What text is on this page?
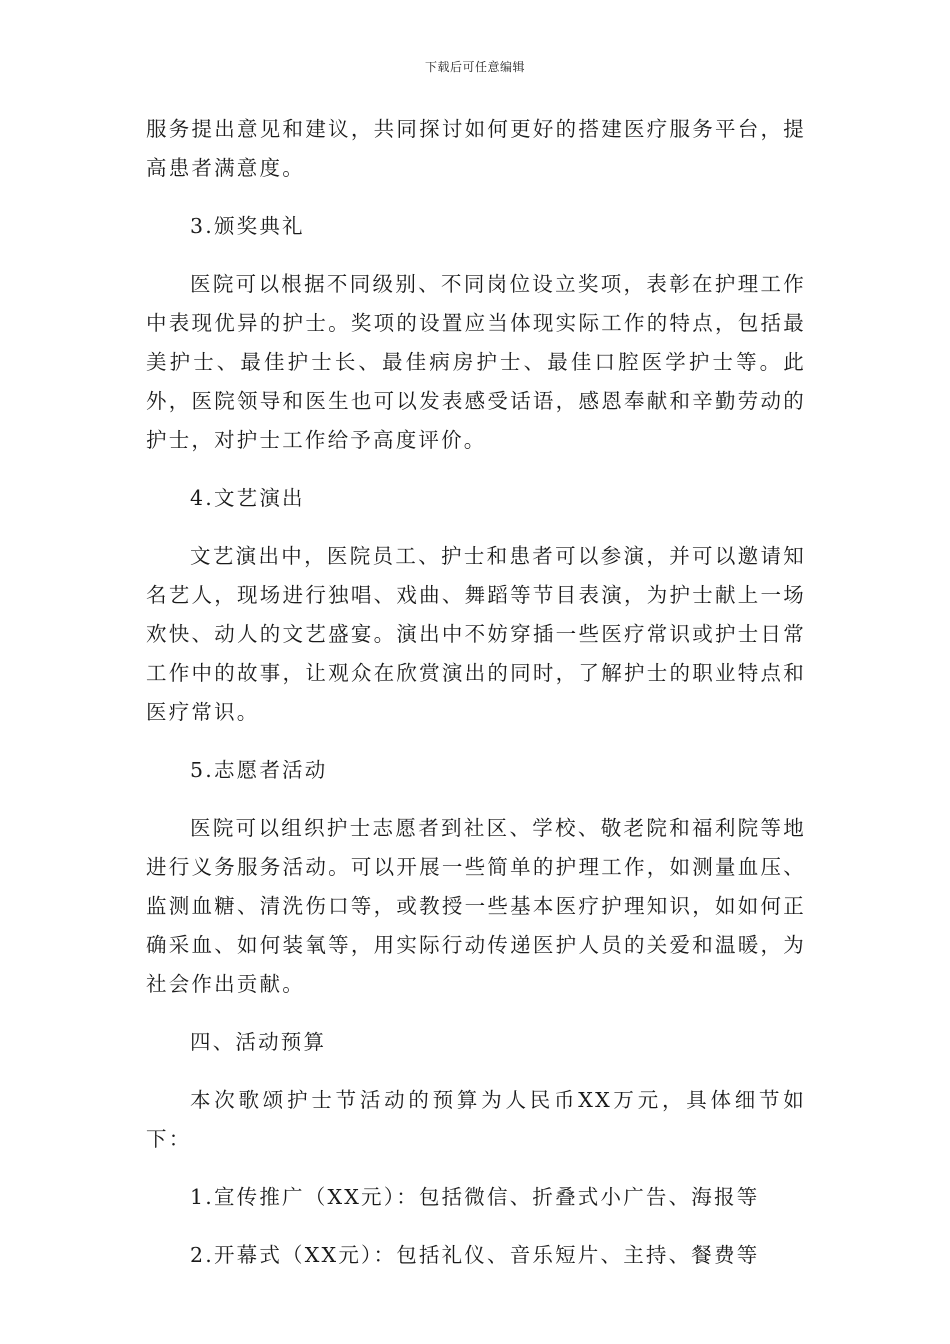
下载后可任意编辑

服务提出意见和建议，共同探讨如何更好的搭建医疗服务平台，提高患者满意度。

3.颁奖典礼

医院可以根据不同级别、不同岗位设立奖项，表彰在护理工作中表现优异的护士。奖项的设置应当体现实际工作的特点，包括最美护士、最佳护士长、最佳病房护士、最佳口腔医学护士等。此外，医院领导和医生也可以发表感受话语，感恩奉献和辛勤劳动的护士，对护士工作给予高度评价。

4.文艺演出

文艺演出中，医院员工、护士和患者可以参演，并可以邀请知名艺人，现场进行独唱、戏曲、舞蹈等节目表演，为护士献上一场欢快、动人的文艺盛宴。演出中不妨穿插一些医疗常识或护士日常工作中的故事，让观众在欣赏演出的同时，了解护士的职业特点和医疗常识。

5.志愿者活动

医院可以组织护士志愿者到社区、学校、敬老院和福利院等地进行义务服务活动。可以开展一些简单的护理工作，如测量血压、监测血糖、清洗伤口等，或教授一些基本医疗护理知识，如如何正确采血、如何装氧等，用实际行动传递医护人员的关爱和温暖，为社会作出贡献。

四、活动预算

本次歌颂护士节活动的预算为人民币XX万元，具体细节如下：

1.宣传推广（XX元）：包括微信、折叠式小广告、海报等

2.开幕式（XX元）：包括礼仪、音乐短片、主持、餐费等
